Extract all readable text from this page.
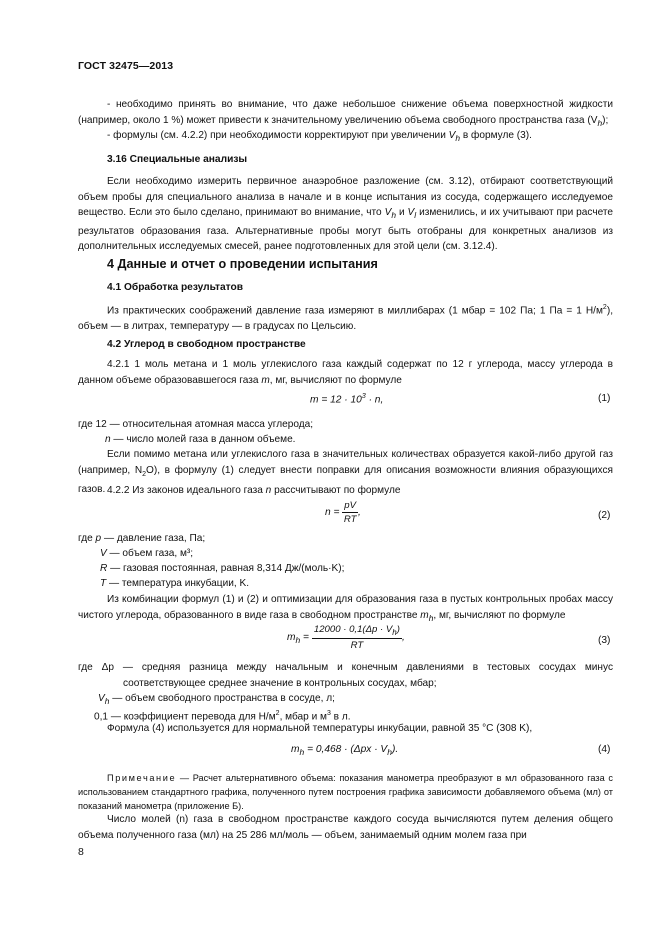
ГОСТ 32475—2013

- необходимо принять во внимание, что даже небольшое снижение объема поверхностной жидкости (например, около 1 %) может привести к значительному увеличению объема свободного пространства газа $(V_h)$;

- формулы (см. 4.2.2) при необходимости корректируют при увеличении $V_h$ в формуле (3).

3.16 Специальные анализы

Если необходимо измерить первичное анаэробное разложение (см. 3.12), отбирают соответствующий объем пробы для специального анализа в начале и в конце испытания из сосуда, содержащего исследуемое вещество. Если это было сделано, принимают во внимание, что $V_h$ и $V_l$ изменились, и их учитывают при расчете результатов образования газа. Альтернативные пробы могут быть отобраны для конкретных анализов из дополнительных исследуемых смесей, ранее подготовленных для этой цели (см. 3.12.4).

4 Данные и отчет о проведении испытания
4.1 Обработка результатов

Из практических соображений давление газа измеряют в миллибарах (1 мбар = 102 Па; 1 Па = 1 $Н/м^2$), объем — в литрах, температуру — в градусах по Цельсию.

4.2 Углерод в свободном пространстве

4.2.1 1 моль метана и 1 моль углекислого газа каждый содержат по 12 г углерода, массу углерода в данном объеме образовавшегося газа m, мг, вычисляют по формуле

$m = 12 \cdot 10^3 \cdot n$,	(1)
где 12 — относительная атомная масса углерода;
n — число молей газа в данном объеме.

Если помимо метана или углекислого газа в значительных количествах образуется какой-либо другой газ (например, $N_2O$), в формулу (1) следует внести поправки для описания возможности влияния образующихся газов. 4.2.2 Из законов идеального газа n рассчитывают по формуле

$n = \frac{pV}{RT}$ ,	(2)
где p — давление газа, Па;
V — объем газа, м³;
R — газовая постоянная, равная 8,314 Дж/(моль·K);
T — температура инкубации, K.

Из комбинации формул (1) и (2) и оптимизации для образования газа в пустых контрольных пробах массу чистого углерода, образованного в виде газа в свободном пространстве $m_h$, мг, вычисляют по формуле

$m_h = \frac{12000 \cdot 0,1(\Delta p \cdot V_h)}{RT}$ ,	(3)

где Δp — средняя разница между начальным и конечным давлениями в тестовых сосудах минус соответствующее среднее значение в контрольных сосудах, мбар;

$V_h$ — объем свободного пространства в сосуде, л;
0,1 — коэффициент перевода для $Н/м^2$, мбар и $м^3$ в л.

Формула (4) используется для нормальной температуры инкубации, равной 35 °C (308 K),

$m_h = 0,468 \cdot (\Delta px \cdot V_h)$.	(4)

Примечание — Расчет альтернативного объема: показания манометра преобразуют в мл образованного газа с использованием стандартного графика, полученного путем построения графика зависимости добавляемого объема (мл) от показаний манометра (приложение Б).

Число молей (n) газа в свободном пространстве каждого сосуда вычисляются путем деления общего объема полученного газа (мл) на 25 286 мл/моль — объем, занимаемый одним молем газа при

8
